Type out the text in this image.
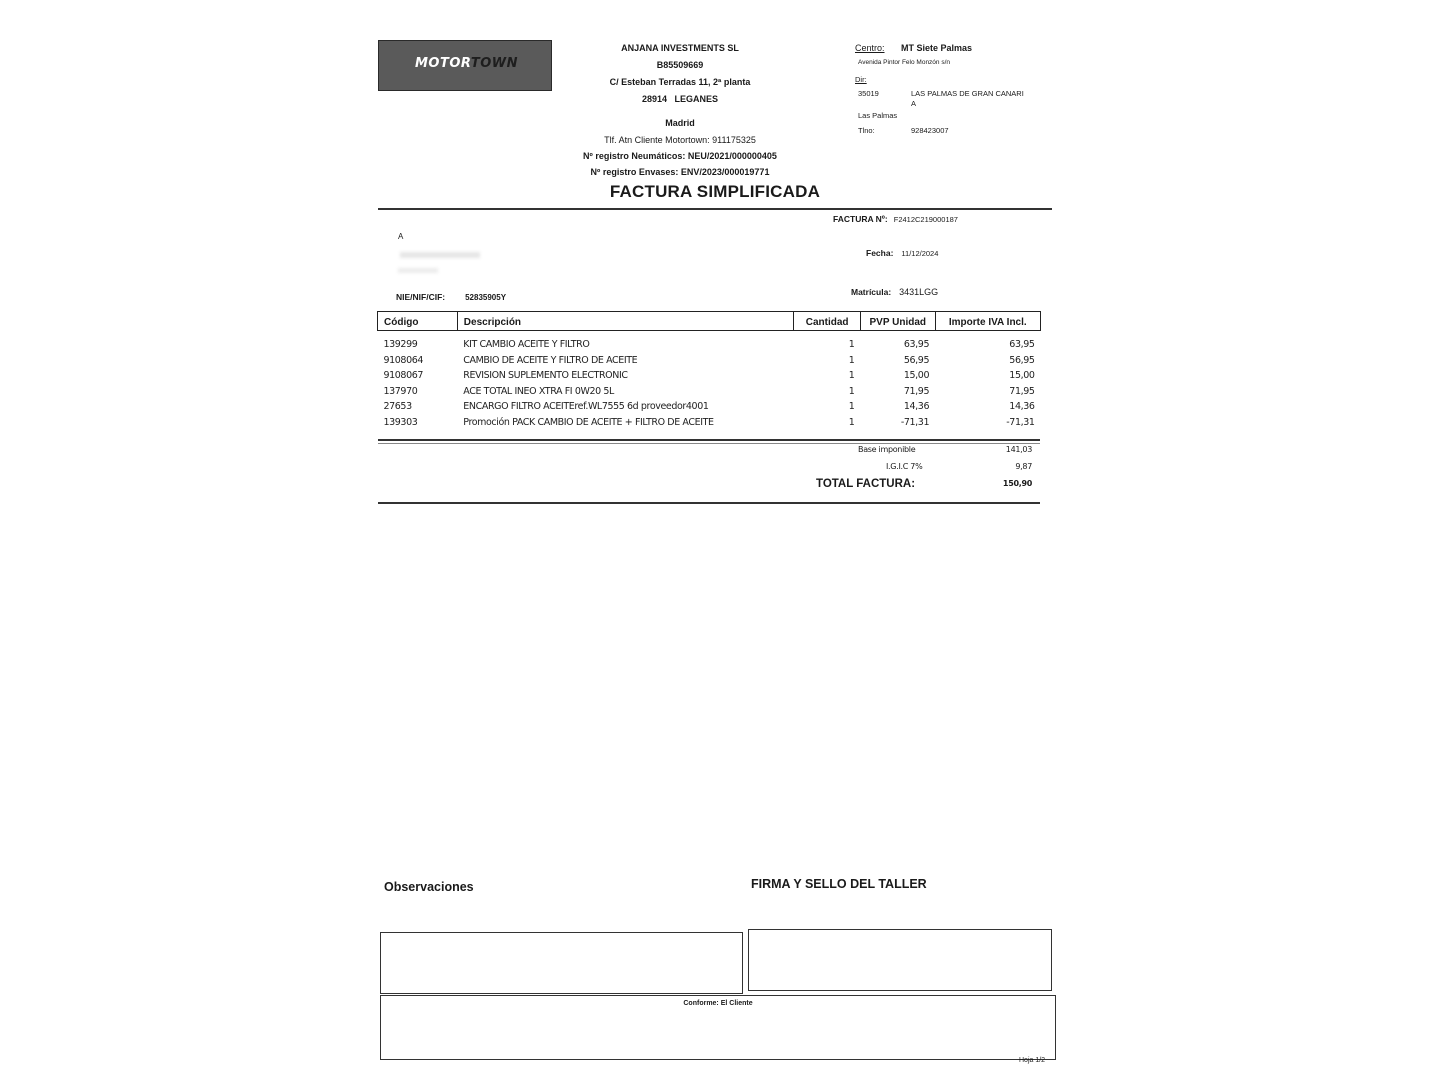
MOTORTOWN
ANJANA INVESTMENTS SL
B85509669
C/ Esteban Terradas 11, 2ª planta
28914   LEGANES
Madrid
Tlf. Atn Cliente Motortown: 911175325
Nº registro Neumáticos: NEU/2021/000000405
Nº registro Envases: ENV/2023/000019771
Centro:	MT Siete Palmas
Avenida Pintor Felo Monzón s/n
Dir:
35019	LAS PALMAS DE GRAN CANARI
A
Las Palmas
Tlno:	928423007
FACTURA SIMPLIFICADA
FACTURA Nº: F2412C219000187
Fecha: 11/12/2024
Matrícula: 3431LGG
A
NIE/NIF/CIF:	52835905Y
Código	Descripción	Cantidad	PVP Unidad	Importe IVA Incl.

139299	KIT CAMBIO ACEITE Y FILTRO	1	63,95	63,95
9108064	CAMBIO DE ACEITE Y FILTRO DE ACEITE	1	56,95	56,95
9108067	REVISION SUPLEMENTO ELECTRONIC	1	15,00	15,00
137970	ACE TOTAL INEO XTRA FI 0W20 5L	1	71,95	71,95
27653	ENCARGO FILTRO ACEITEref.WL7555 6d proveedor4001	1	14,36	14,36
139303	Promoción PACK CAMBIO DE ACEITE + FILTRO DE ACEITE	1	-71,31	-71,31
Base imponible	141,03
I.G.I.C 7%	9,87
TOTAL FACTURA:	150,90
Observaciones	FIRMA Y SELLO DEL TALLER
Conforme: El Cliente
Hoja 1/2
